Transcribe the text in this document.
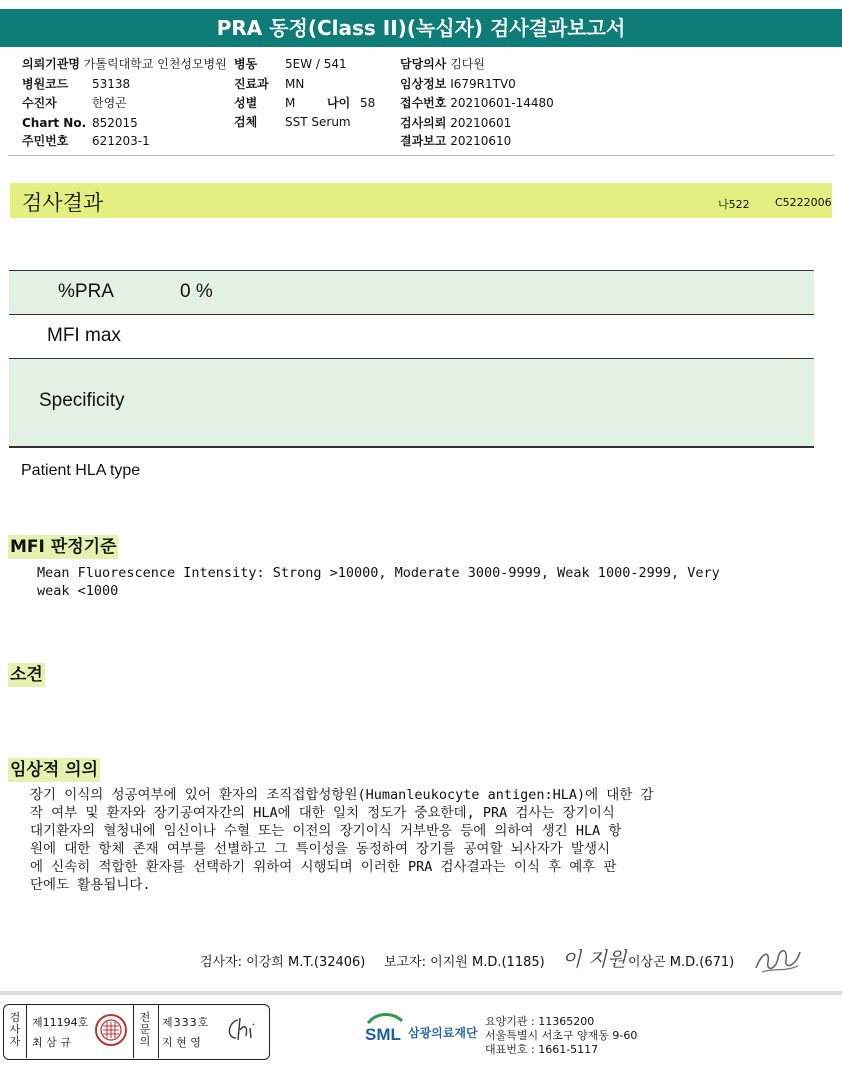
PRA 동정(Class II)(녹십자) 검사결과보고서
의뢰기관명 가톨릭대학교 인천성모병원 병동 5EW / 541	담당의사 김다원
병원코드 53138	진료과 MN	임상정보 I679R1TV0
수진자	한영곤	성별 M	나이 58 접수번호 20210601-14480
Chart No. 852015	검체 SST Serum	검사의뢰 20210601
주민번호 621203-1	결과보고 20210610
검사결과	나522 C5222006
%PRA	0 %
MFI max
Specificity
Patient HLA type
MFI 판정기준
Mean Fluorescence Intensity: Strong >10000, Moderate 3000-9999, Weak 1000-2999, Very
weak <1000
소견
임상적 의의
장기 이식의 성공여부에 있어 환자의 조직접합성항원(Humanleukocyte antigen:HLA)에 대한 감
작 여부 및 환자와 장기공여자간의 HLA에 대한 일치 정도가 중요한데, PRA 검사는 장기이식
대기환자의 혈청내에 임신이나 수혈 또는 이전의 장기이식 거부반응 등에 의하여 생긴 HLA 항
원에 대한 항체 존재 여부를 선별하고 그 특이성을 동정하여 장기를 공여할 뇌사자가 발생시
에 신속히 적합한 환자를 선택하기 위하여 시행되며 이러한 PRA 검사결과는 이식 후 예후 판
단에도 활용됩니다.
검사자: 이강희 M.T.(32406) 보고자: 이지원 M.D.(1185) 이 지원 이상곤 M.D.(671)
검
사
자
제11194호
최 삼 규
전
문
의
제333호
지 현 영	SML 삼광의료재단
요양기관 : 11365200
서울특별시 서초구 양재동 9-60
대표번호 : 1661-5117
